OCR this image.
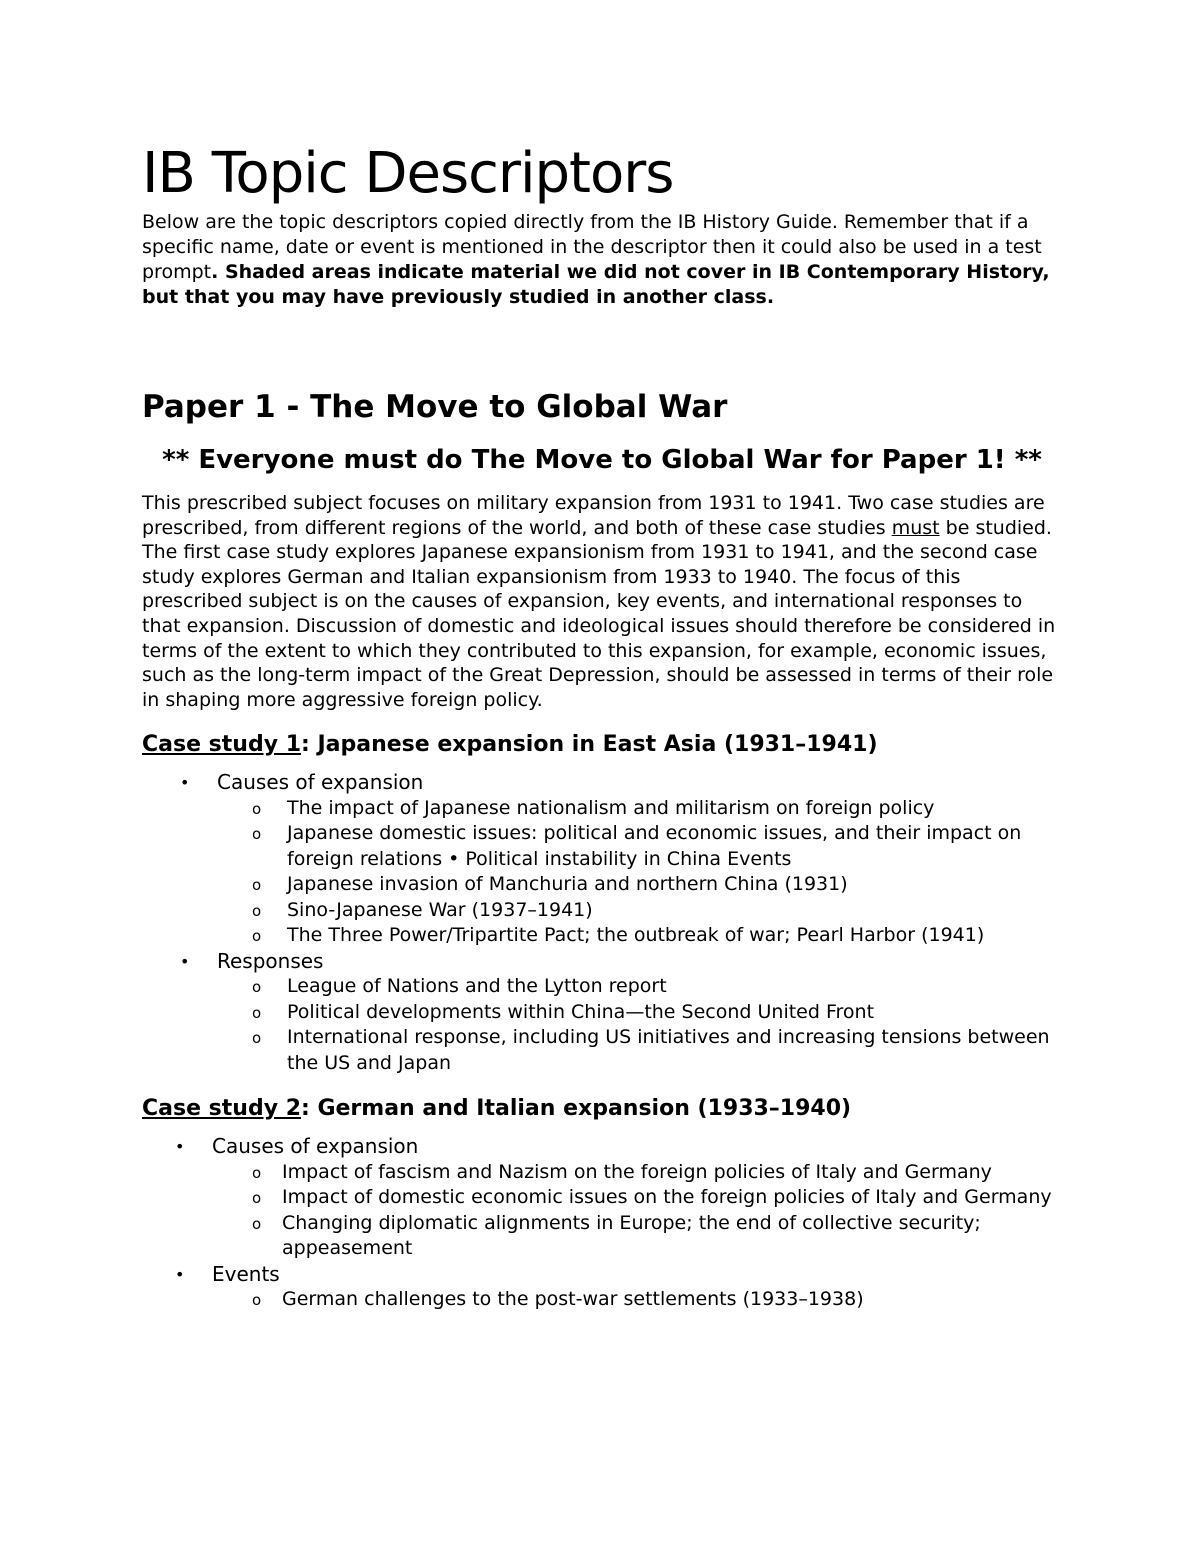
IB Topic Descriptors

Below are the topic descriptors copied directly from the IB History Guide. Remember that if a specific name, date or event is mentioned in the descriptor then it could also be used in a test prompt. Shaded areas indicate material we did not cover in IB Contemporary History, but that you may have previously studied in another class.

Paper 1 - The Move to Global War

** Everyone must do The Move to Global War for Paper 1! **

This prescribed subject focuses on military expansion from 1931 to 1941. Two case studies are prescribed, from different regions of the world, and both of these case studies must be studied. The first case study explores Japanese expansionism from 1931 to 1941, and the second case study explores German and Italian expansionism from 1933 to 1940. The focus of this prescribed subject is on the causes of expansion, key events, and international responses to that expansion. Discussion of domestic and ideological issues should therefore be considered in terms of the extent to which they contributed to this expansion, for example, economic issues, such as the long-term impact of the Great Depression, should be assessed in terms of their role in shaping more aggressive foreign policy.

Case study 1: Japanese expansion in East Asia (1931–1941)
• Causes of expansion
o The impact of Japanese nationalism and militarism on foreign policy
o Japanese domestic issues: political and economic issues, and their impact on foreign relations • Political instability in China Events
o Japanese invasion of Manchuria and northern China (1931)
o Sino-Japanese War (1937–1941)
o The Three Power/Tripartite Pact; the outbreak of war; Pearl Harbor (1941)
• Responses
o League of Nations and the Lytton report
o Political developments within China—the Second United Front
o International response, including US initiatives and increasing tensions between the US and Japan
Case study 2: German and Italian expansion (1933–1940)
• Causes of expansion
o Impact of fascism and Nazism on the foreign policies of Italy and Germany
o Impact of domestic economic issues on the foreign policies of Italy and Germany
o Changing diplomatic alignments in Europe; the end of collective security; appeasement
• Events
o German challenges to the post-war settlements (1933–1938)
